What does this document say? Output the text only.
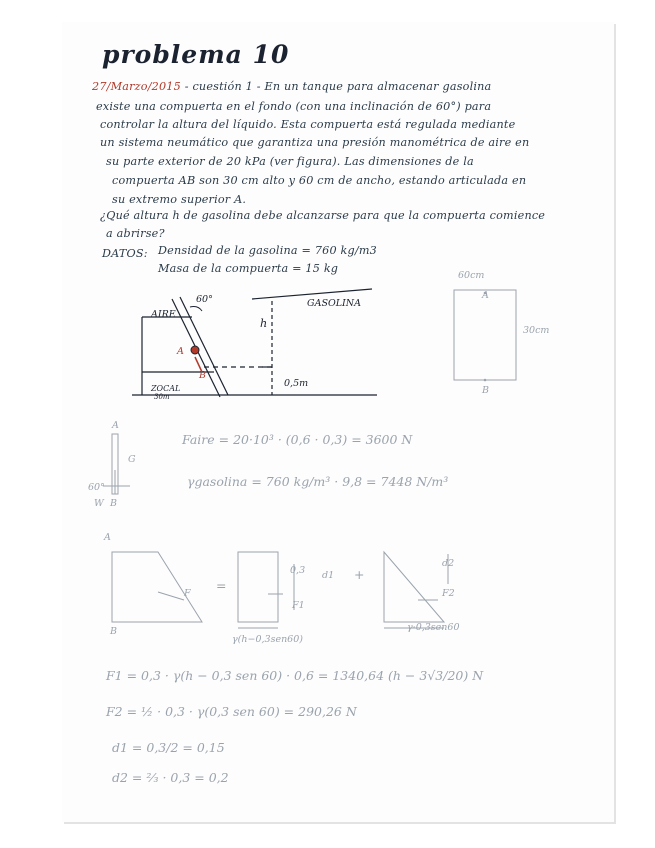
problema 10
27/Marzo/2015 - cuestión 1 - En un tanque para almacenar gasolina
existe una compuerta en el fondo (con una inclinación de 60°) para
controlar la altura del líquido. Esta compuerta está regulada mediante
un sistema neumático que garantiza una presión manométrica de aire en
su parte exterior de 20 kPa (ver figura). Las dimensiones de la
compuerta AB son 30 cm alto y 60 cm de ancho, estando articulada en
su extremo superior A.
¿Qué altura h de gasolina debe alcanzarse para que la compuerta comience
a abrirse?
DATOS: Densidad de la gasolina = 760 kg/m3
Masa de la compuerta = 15 kg
60°
AIRE
GASOLINA
h
A
B
0,5m
ZOCAL
30m
60cm
A
30cm
B
A
G
60°
W B
Faire = 20·10³ · (0,6 · 0,3) = 3600 N
γgasolina = 760 kg/m³ · 9,8 = 7448 N/m³
A
B
F
=
0,3 d1
F1
+
d2
F2
γ(h−0,3sen60)
γ·0,3sen60
F1 = 0,3 · γ(h − 0,3 sen 60) · 0,6 = 1340,64 (h − 3√3/20) N
F2 = ½ · 0,3 · γ(0,3 sen 60) = 290,26 N
d1 = 0,3/2 = 0,15
d2 = ⅔ · 0,3 = 0,2
